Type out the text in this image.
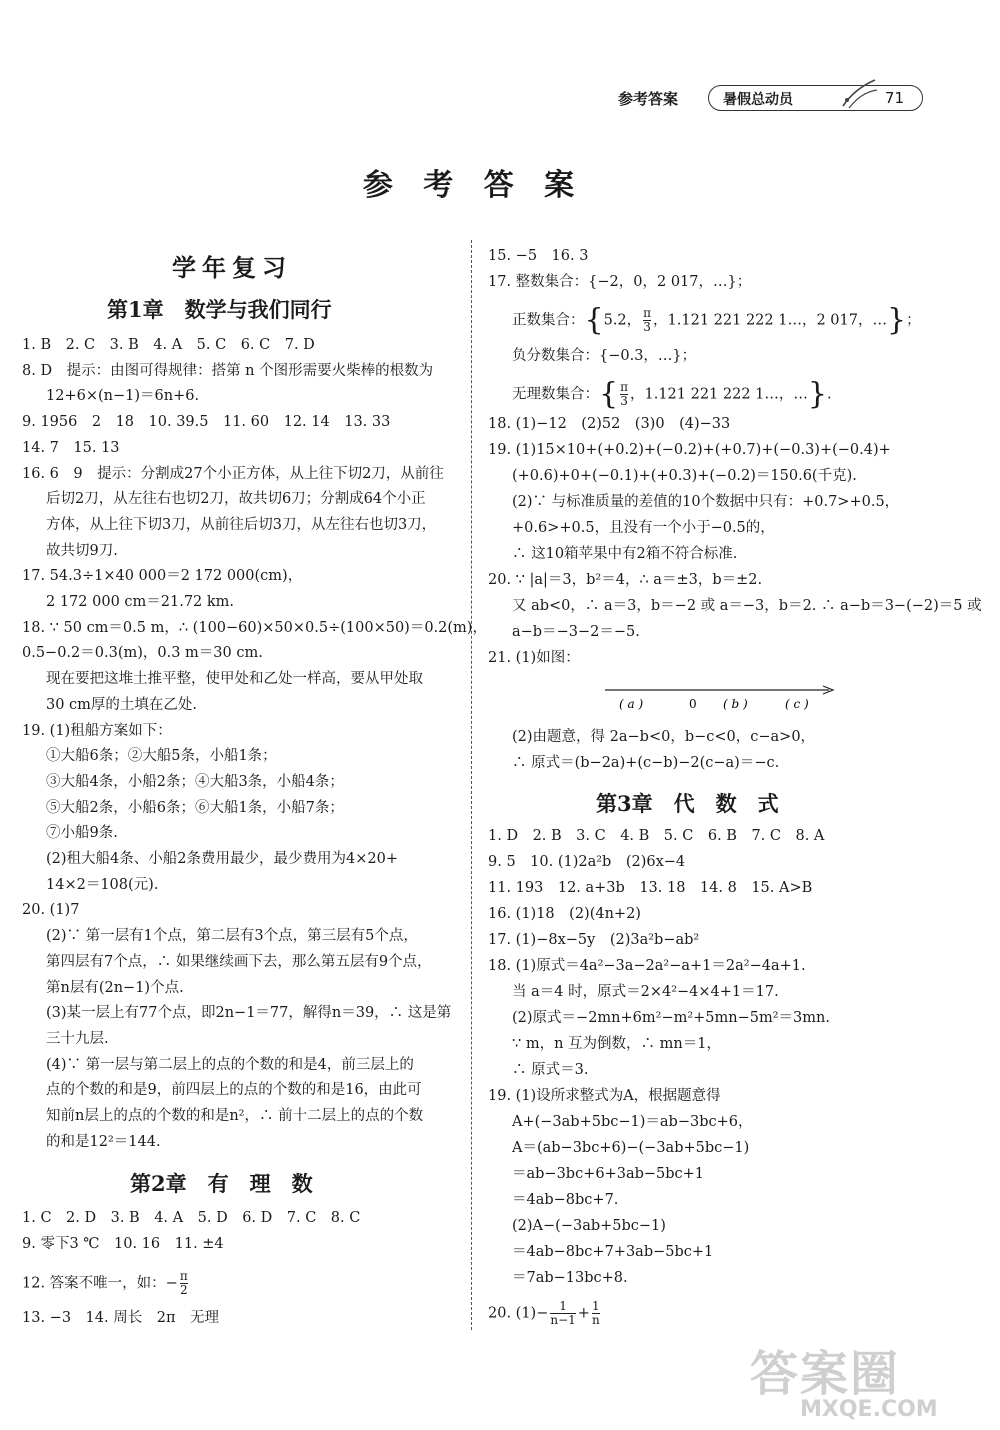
参考答案	暑假总动员	71
参 考 答 案
学年复习
第1章　数学与我们同行
1. B　2. C　3. B　4. A　5. C　6. C　7. D
8. D　提示：由图可得规律：搭第 n 个图形需要火柴棒的根数为
12+6×(n−1)＝6n+6.
9. 1956　2　18　10. 39.5　11. 60　12. 14　13. 33
14. 7　15. 13
16. 6　9　提示：分割成27个小正方体，从上往下切2刀，从前往
后切2刀，从左往右也切2刀，故共切6刀；分割成64个小正
方体，从上往下切3刀，从前往后切3刀，从左往右也切3刀，
故共切9刀.
17. 54.3÷1×40 000＝2 172 000(cm)，
2 172 000 cm＝21.72 km.
18. ∵ 50 cm＝0.5 m，∴ (100−60)×50×0.5÷(100×50)＝0.2(m)，
0.5−0.2＝0.3(m)，0.3 m＝30 cm.
现在要把这堆土推平整，使甲处和乙处一样高，要从甲处取
30 cm厚的土填在乙处.
19. (1)租船方案如下：
①大船6条；②大船5条，小船1条；
③大船4条，小船2条；④大船3条，小船4条；
⑤大船2条，小船6条；⑥大船1条，小船7条；
⑦小船9条.
(2)租大船4条、小船2条费用最少，最少费用为4×20+
14×2＝108(元).
20. (1)7
(2)∵ 第一层有1个点，第二层有3个点，第三层有5个点，
第四层有7个点，∴ 如果继续画下去，那么第五层有9个点，
第n层有(2n−1)个点.
(3)某一层上有77个点，即2n−1＝77，解得n＝39，∴ 这是第
三十九层.
(4)∵ 第一层与第二层上的点的个数的和是4，前三层上的
点的个数的和是9，前四层上的点的个数的和是16，由此可
知前n层上的点的个数的和是n²，∴ 前十二层上的点的个数
的和是12²＝144.
第2章　有　理　数
1. C　2. D　3. B　4. A　5. D　6. D　7. C　8. C
9. 零下3 ℃　10. 16　11. ±4
12. 答案不唯一，如：− $\frac{\pi}{2}$
13. −3　14. 周长　2π　无理
15. −5　16. 3
17. 整数集合：{−2，0，2 017，…}；
正数集合：{5.2， $\frac{\pi}{3}$ ，1.121 221 222 1…，2 017，…}；
负分数集合：{−0.3，…}；
无理数集合：{ $\frac{\pi}{3}$ ，1.121 221 222 1…，…}.
18. (1)−12　(2)52　(3)0　(4)−33
19. (1)15×10+(+0.2)+(−0.2)+(+0.7)+(−0.3)+(−0.4)+
(+0.6)+0+(−0.1)+(+0.3)+(−0.2)＝150.6(千克).
(2)∵ 与标准质量的差值的10个数据中只有：+0.7>+0.5，
+0.6>+0.5，且没有一个小于−0.5的，
∴ 这10箱苹果中有2箱不符合标准.
20. ∵ |a|＝3，b²＝4，∴ a＝±3，b＝±2.
又 ab<0，∴ a＝3，b＝−2 或 a＝−3，b＝2. ∴ a−b＝3−(−2)＝5 或
a−b＝−3−2＝−5.
21. (1)如图：
(2)由题意，得 2a−b<0，b−c<0，c−a>0，
∴ 原式＝(b−2a)+(c−b)−2(c−a)＝−c.
第3章　代　数　式
1. D　2. B　3. C　4. B　5. C　6. B　7. C　8. A
9. 5　10. (1)2a²b　(2)6x−4
11. 193　12. a+3b　13. 18　14. 8　15. A>B
16. (1)18　(2)(4n+2)
17. (1)−8x−5y　(2)3a²b−ab²
18. (1)原式＝4a²−3a−2a²−a+1＝2a²−4a+1.
当 a＝4 时，原式＝2×4²−4×4+1＝17.
(2)原式＝−2mn+6m²−m²+5mn−5m²＝3mn.
∵ m，n 互为倒数，∴ mn＝1，
∴ 原式＝3.
19. (1)设所求整式为A，根据题意得
A+(−3ab+5bc−1)＝ab−3bc+6，
A＝(ab−3bc+6)−(−3ab+5bc−1)
＝ab−3bc+6+3ab−5bc+1
＝4ab−8bc+7.
(2)A−(−3ab+5bc−1)
＝4ab−8bc+7+3ab−5bc+1
＝7ab−13bc+8.
20. $(1)- \frac{1}{n-1} + \frac{1}{n}$
( a )	0 ( b )	( c )
答案圈
MXQE.COM
